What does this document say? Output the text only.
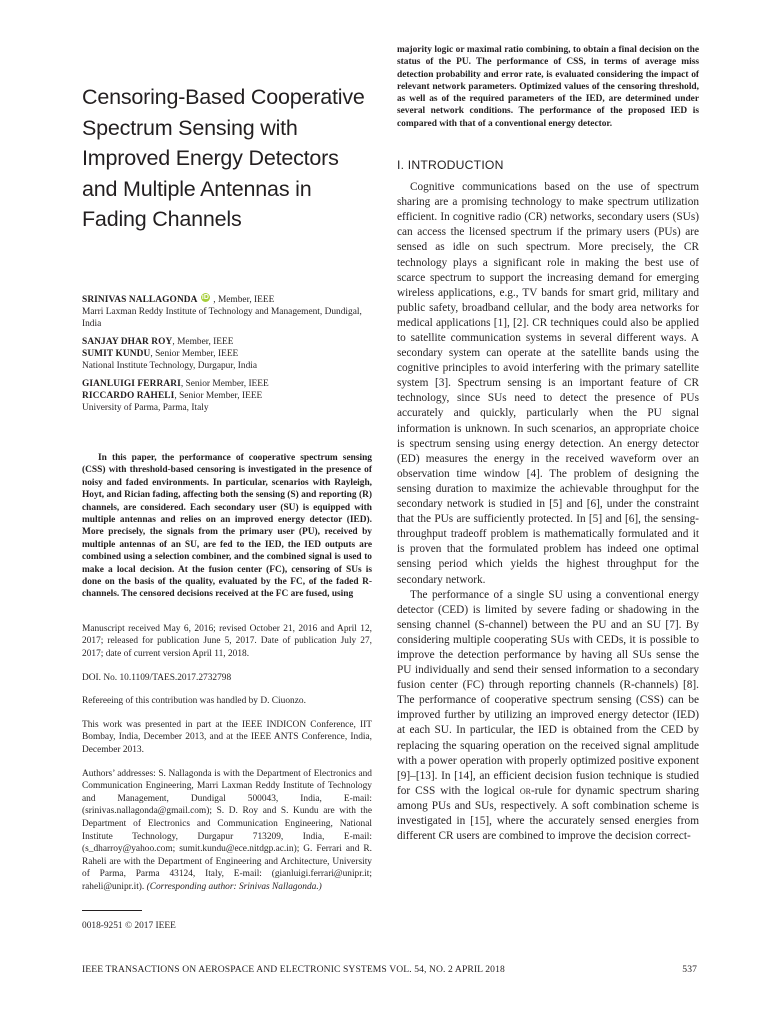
Censoring-Based Cooperative Spectrum Sensing with Improved Energy Detectors and Multiple Antennas in Fading Channels
SRINIVAS NALLAGONDA iD , Member, IEEE
Marri Laxman Reddy Institute of Technology and Management, Dundigal, India
SANJAY DHAR ROY, Member, IEEE
SUMIT KUNDU, Senior Member, IEEE
National Institute Technology, Durgapur, India
GIANLUIGI FERRARI, Senior Member, IEEE
RICCARDO RAHELI, Senior Member, IEEE
University of Parma, Parma, Italy
In this paper, the performance of cooperative spectrum sensing (CSS) with threshold-based censoring is investigated in the presence of noisy and faded environments. In particular, scenarios with Rayleigh, Hoyt, and Rician fading, affecting both the sensing (S) and reporting (R) channels, are considered. Each secondary user (SU) is equipped with multiple antennas and relies on an improved energy detector (IED). More precisely, the signals from the primary user (PU), received by multiple antennas of an SU, are fed to the IED, the IED outputs are combined using a selection combiner, and the combined signal is used to make a local decision. At the fusion center (FC), censoring of SUs is done on the basis of the quality, evaluated by the FC, of the faded R-channels. The censored decisions received at the FC are fused, using
Manuscript received May 6, 2016; revised October 21, 2016 and April 12, 2017; released for publication June 5, 2017. Date of publication July 27, 2017; date of current version April 11, 2018.
DOI. No. 10.1109/TAES.2017.2732798
Refereeing of this contribution was handled by D. Ciuonzo.
This work was presented in part at the IEEE INDICON Conference, IIT Bombay, India, December 2013, and at the IEEE ANTS Conference, India, December 2013.
Authors’ addresses: S. Nallagonda is with the Department of Electronics and Communication Engineering, Marri Laxman Reddy Institute of Technology and Management, Dundigal 500043, India, E-mail: (srinivas.nallagonda@gmail.com); S. D. Roy and S. Kundu are with the Department of Electronics and Communication Engineering, National Institute Technology, Durgapur 713209, India, E-mail: (s_dharroy@yahoo.com; sumit.kundu@ece.nitdgp.ac.in); G. Ferrari and R. Raheli are with the Department of Engineering and Architecture, University of Parma, Parma 43124, Italy, E-mail: (gianluigi.ferrari@unipr.it; raheli@unipr.it). (Corresponding author: Srinivas Nallagonda.)
0018-9251 © 2017 IEEE
majority logic or maximal ratio combining, to obtain a final decision on the status of the PU. The performance of CSS, in terms of average miss detection probability and error rate, is evaluated considering the impact of relevant network parameters. Optimized values of the censoring threshold, as well as of the required parameters of the IED, are determined under several network conditions. The performance of the proposed IED is compared with that of a conventional energy detector.
I. INTRODUCTION

Cognitive communications based on the use of spectrum sharing are a promising technology to make spectrum utilization efficient. In cognitive radio (CR) networks, secondary users (SUs) can access the licensed spectrum if the primary users (PUs) are sensed as idle on such spectrum. More precisely, the CR technology plays a significant role in making the best use of scarce spectrum to support the increasing demand for emerging wireless applications, e.g., TV bands for smart grid, military and public safety, broadband cellular, and the body area networks for medical applications [1], [2]. CR techniques could also be applied to satellite communication systems in several different ways. A secondary system can operate at the satellite bands using the cognitive principles to avoid interfering with the primary satellite system [3]. Spectrum sensing is an important feature of CR technology, since SUs need to detect the presence of PUs accurately and quickly, particularly when the PU signal information is unknown. In such scenarios, an appropriate choice is spectrum sensing using energy detection. An energy detector (ED) measures the energy in the received waveform over an observation time window [4]. The problem of designing the sensing duration to maximize the achievable throughput for the secondary network is studied in [5] and [6], under the constraint that the PUs are sufficiently protected. In [5] and [6], the sensing-throughput tradeoff problem is mathematically formulated and it is proven that the formulated problem has indeed one optimal sensing period which yields the highest throughput for the secondary network.

The performance of a single SU using a conventional energy detector (CED) is limited by severe fading or shadowing in the sensing channel (S-channel) between the PU and an SU [7]. By considering multiple cooperating SUs with CEDs, it is possible to improve the detection performance by having all SUs sense the PU individually and send their sensed information to a secondary fusion center (FC) through reporting channels (R-channels) [8]. The performance of cooperative spectrum sensing (CSS) can be improved further by utilizing an improved energy detector (IED) at each SU. In particular, the IED is obtained from the CED by replacing the squaring operation on the received signal amplitude with a power operation with properly optimized positive exponent [9]–[13]. In [14], an efficient decision fusion technique is studied for CSS with the logical or-rule for dynamic spectrum sharing among PUs and SUs, respectively. A soft combination scheme is investigated in [15], where the accurately sensed energies from different CR users are combined to improve the decision correct-

IEEE TRANSACTIONS ON AEROSPACE AND ELECTRONIC SYSTEMS VOL. 54, NO. 2 APRIL 2018	537
